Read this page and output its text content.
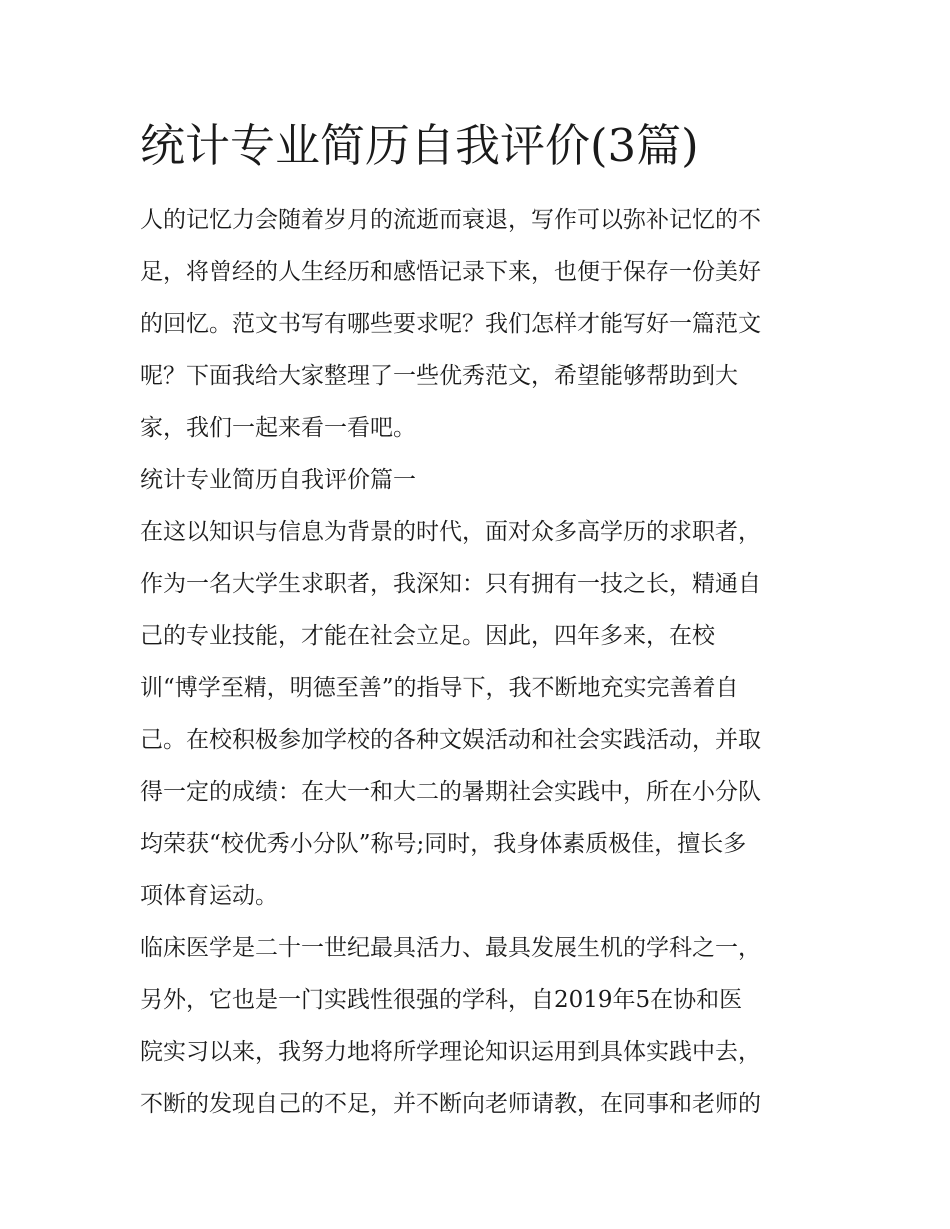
统计专业简历自我评价(3篇)
人的记忆力会随着岁月的流逝而衰退，写作可以弥补记忆的不
足，将曾经的人生经历和感悟记录下来，也便于保存一份美好
的回忆。范文书写有哪些要求呢？我们怎样才能写好一篇范文
呢？下面我给大家整理了一些优秀范文，希望能够帮助到大
家，我们一起来看一看吧。
统计专业简历自我评价篇一
在这以知识与信息为背景的时代，面对众多高学历的求职者，
作为一名大学生求职者，我深知：只有拥有一技之长，精通自
己的专业技能，才能在社会立足。因此，四年多来，在校
训“博学至精，明德至善”的指导下，我不断地充实完善着自
己。在校积极参加学校的各种文娱活动和社会实践活动，并取
得一定的成绩：在大一和大二的暑期社会实践中，所在小分队
均荣获“校优秀小分队”称号;同时，我身体素质极佳，擅长多
项体育运动。
临床医学是二十一世纪最具活力、最具发展生机的学科之一，
另外，它也是一门实践性很强的学科，自2019年5在协和医
院实习以来，我努力地将所学理论知识运用到具体实践中去，
不断的发现自己的不足，并不断向老师请教，在同事和老师的
